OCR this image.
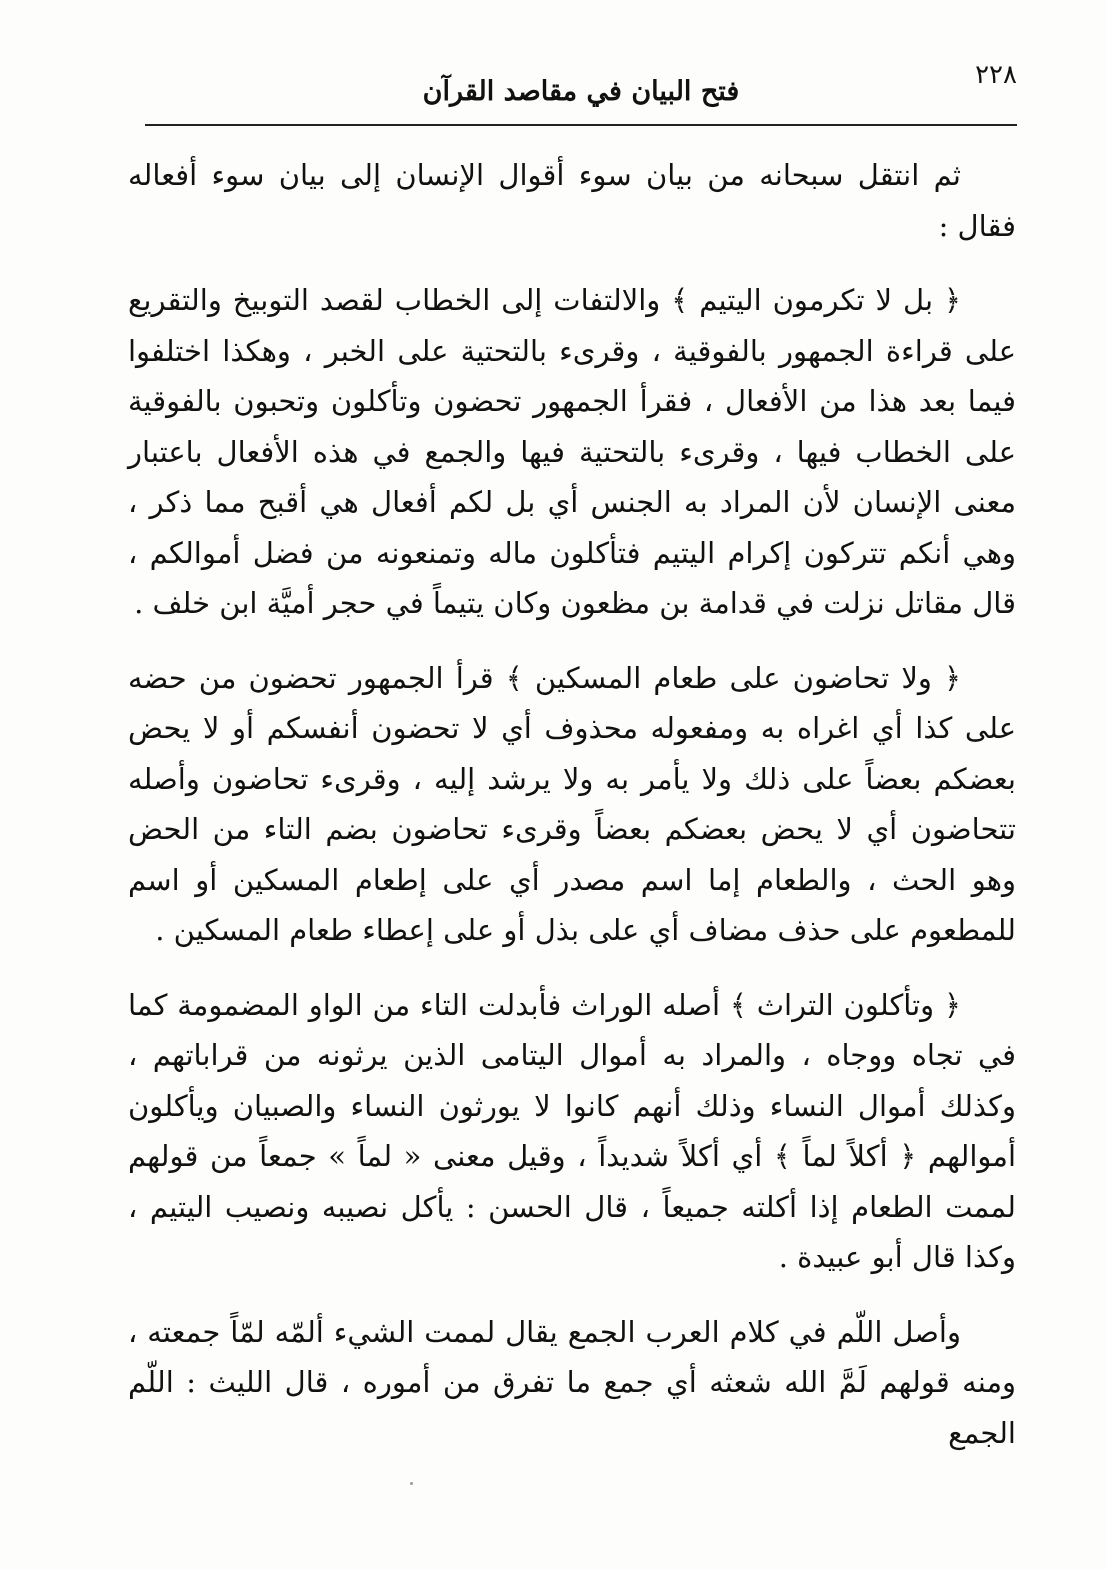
٢٢٨
فتح البيان في مقاصد القرآن

ثم انتقل سبحانه من بيان سوء أقوال الإنسان إلى بيان سوء أفعاله فقال :

﴿ بل لا تكرمون اليتيم ﴾ والالتفات إلى الخطاب لقصد التوبيخ والتقريع على قراءة الجمهور بالفوقية ، وقرىء بالتحتية على الخبر ، وهكذا اختلفوا فيما بعد هذا من الأفعال ، فقرأ الجمهور تحضون وتأكلون وتحبون بالفوقية على الخطاب فيها ، وقرىء بالتحتية فيها والجمع في هذه الأفعال باعتبار معنى الإنسان لأن المراد به الجنس أي بل لكم أفعال هي أقبح مما ذكر ، وهي أنكم تتركون إكرام اليتيم فتأكلون ماله وتمنعونه من فضل أموالكم ، قال مقاتل نزلت في قدامة بن مظعون وكان يتيماً في حجر أميَّة ابن خلف .

﴿ ولا تحاضون على طعام المسكين ﴾ قرأ الجمهور تحضون من حضه على كذا أي اغراه به ومفعوله محذوف أي لا تحضون أنفسكم أو لا يحض بعضكم بعضاً على ذلك ولا يأمر به ولا يرشد إليه ، وقرىء تحاضون وأصله تتحاضون أي لا يحض بعضكم بعضاً وقرىء تحاضون بضم التاء من الحض وهو الحث ، والطعام إما اسم مصدر أي على إطعام المسكين أو اسم للمطعوم على حذف مضاف أي على بذل أو على إعطاء طعام المسكين .

﴿ وتأكلون التراث ﴾ أصله الوراث فأبدلت التاء من الواو المضمومة كما في تجاه ووجاه ، والمراد به أموال اليتامى الذين يرثونه من قراباتهم ، وكذلك أموال النساء وذلك أنهم كانوا لا يورثون النساء والصبيان ويأكلون أموالهم ﴿ أكلاً لماً ﴾ أي أكلاً شديداً ، وقيل معنى « لماً » جمعاً من قولهم لممت الطعام إذا أكلته جميعاً ، قال الحسن : يأكل نصيبه ونصيب اليتيم ، وكذا قال أبو عبيدة .

وأصل اللّم في كلام العرب الجمع يقال لممت الشيء ألمّه لمّاً جمعته ، ومنه قولهم لَمَّ الله شعثه أي جمع ما تفرق من أموره ، قال الليث : اللّم الجمع
